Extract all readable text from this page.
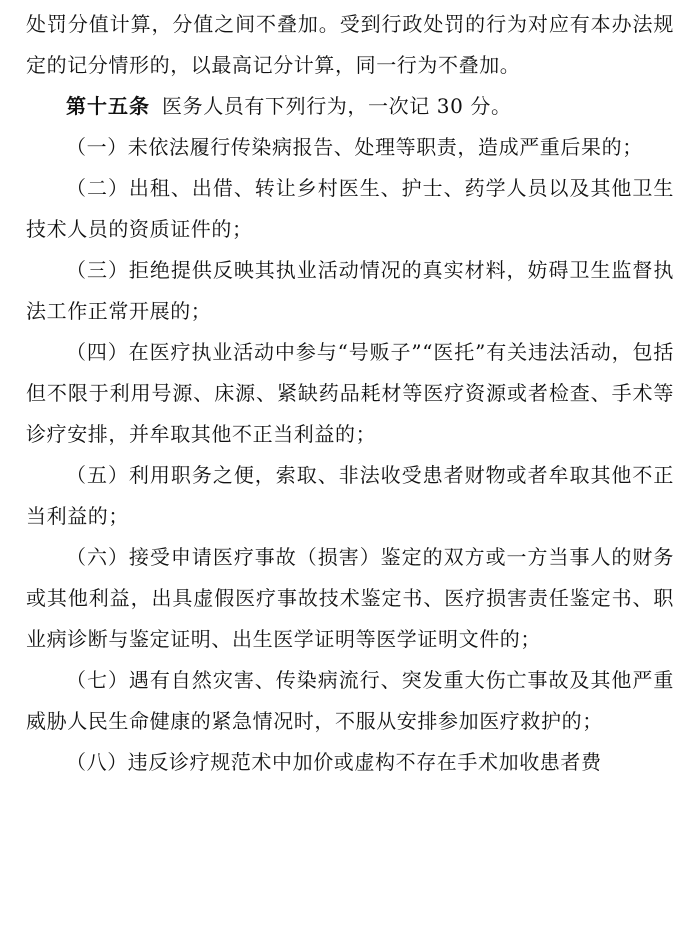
处罚分值计算，分值之间不叠加。受到行政处罚的行为对应有本办法规定的记分情形的，以最高记分计算，同一行为不叠加。

第十五条 医务人员有下列行为，一次记 30 分。

（一）未依法履行传染病报告、处理等职责，造成严重后果的；

（二）出租、出借、转让乡村医生、护士、药学人员以及其他卫生技术人员的资质证件的；

（三）拒绝提供反映其执业活动情况的真实材料，妨碍卫生监督执法工作正常开展的；

（四）在医疗执业活动中参与“号贩子”“医托”有关违法活动，包括但不限于利用号源、床源、紧缺药品耗材等医疗资源或者检查、手术等诊疗安排，并牟取其他不正当利益的；

（五）利用职务之便，索取、非法收受患者财物或者牟取其他不正当利益的；

（六）接受申请医疗事故（损害）鉴定的双方或一方当事人的财务或其他利益，出具虚假医疗事故技术鉴定书、医疗损害责任鉴定书、职业病诊断与鉴定证明、出生医学证明等医学证明文件的；

（七）遇有自然灾害、传染病流行、突发重大伤亡事故及其他严重威胁人民生命健康的紧急情况时，不服从安排参加医疗救护的；

（八）违反诊疗规范术中加价或虚构不存在手术加收患者费
